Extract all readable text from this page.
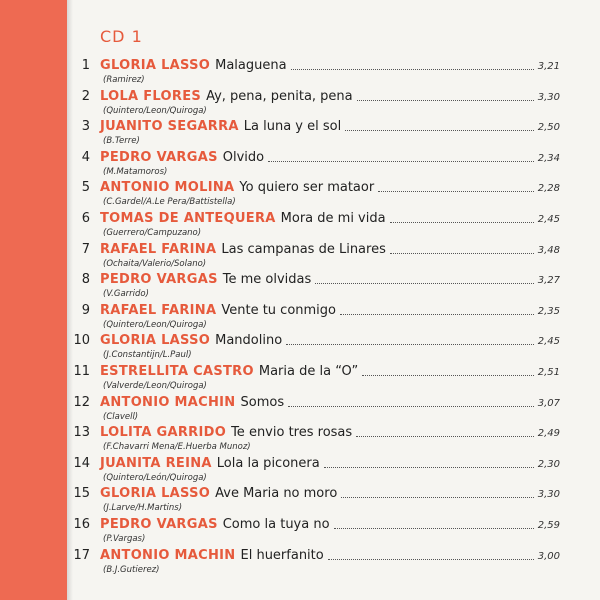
CD 1
1 GLORIA LASSO Malaguena	3,21
(Ramirez)
2 LOLA FLORES Ay, pena, penita, pena	3,30
(Quintero/Leon/Quiroga)
3 JUANITO SEGARRA La luna y el sol	2,50
(B.Terre)
4 PEDRO VARGAS Olvido	2,34
(M.Matamoros)
5 ANTONIO MOLINA Yo quiero ser mataor	2,28
(C.Gardel/A.Le Pera/Battistella)
6 TOMAS DE ANTEQUERA Mora de mi vida	2,45
(Guerrero/Campuzano)
7 RAFAEL FARINA Las campanas de Linares	3,48
(Ochaita/Valerio/Solano)
8 PEDRO VARGAS Te me olvidas	3,27
(V.Garrido)
9 RAFAEL FARINA Vente tu conmigo	2,35
(Quintero/Leon/Quiroga)
10 GLORIA LASSO Mandolino	2,45
(J.Constantijn/L.Paul)
11 ESTRELLITA CASTRO Maria de la “O”	2,51
(Valverde/Leon/Quiroga)
12 ANTONIO MACHIN Somos	3,07
(Clavell)
13 LOLITA GARRIDO Te envio tres rosas	2,49
(F.Chavarri Mena/E.Huerba Munoz)
14 JUANITA REINA Lola la piconera	2,30
(Quintero/León/Quiroga)
15 GLORIA LASSO Ave Maria no moro	3,30
(J.Larve/H.Martins)
16 PEDRO VARGAS Como la tuya no	2,59
(P.Vargas)
17 ANTONIO MACHIN El huerfanito	3,00
(B.J.Gutierez)
